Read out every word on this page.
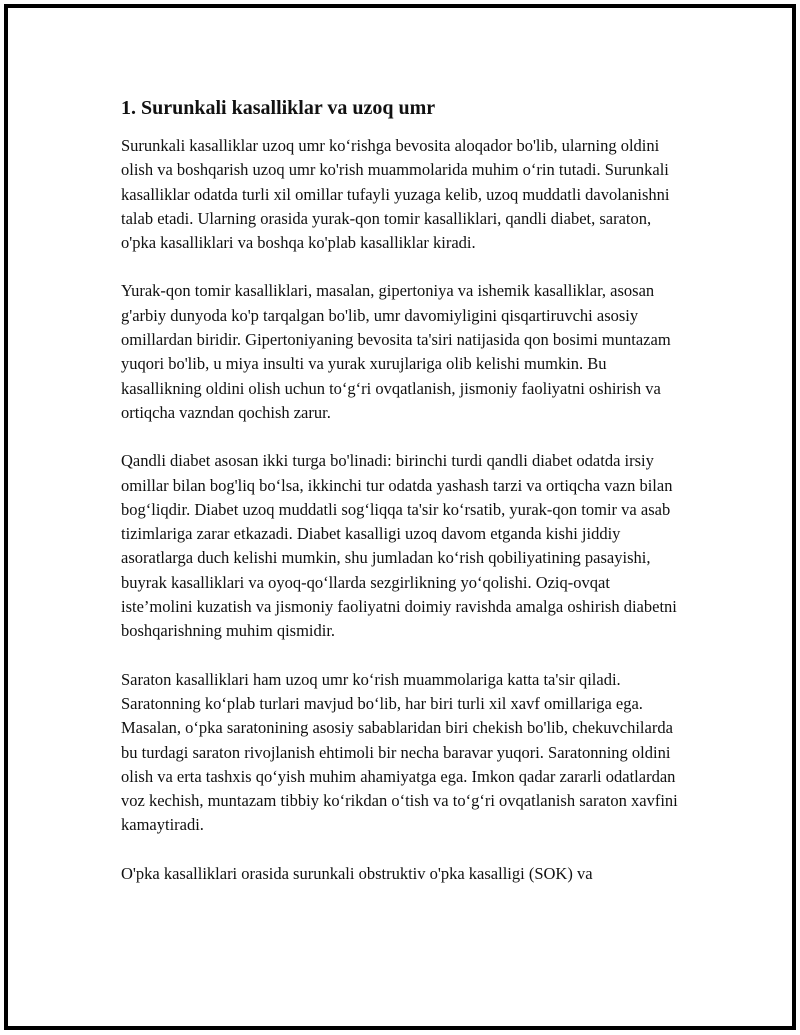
1. Surunkali kasalliklar va uzoq umr

Surunkali kasalliklar uzoq umr ko‘rishga bevosita aloqador bo'lib, ularning oldini olish va boshqarish uzoq umr ko'rish muammolarida muhim o‘rin tutadi. Surunkali kasalliklar odatda turli xil omillar tufayli yuzaga kelib, uzoq muddatli davolanishni talab etadi. Ularning orasida yurak-qon tomir kasalliklari, qandli diabet, saraton, o'pka kasalliklari va boshqa ko'plab kasalliklar kiradi.

Yurak-qon tomir kasalliklari, masalan, gipertoniya va ishemik kasalliklar, asosan g'arbiy dunyoda ko'p tarqalgan bo'lib, umr davomiyligini qisqartiruvchi asosiy omillardan biridir. Gipertoniyaning bevosita ta'siri natijasida qon bosimi muntazam yuqori bo'lib, u miya insulti va yurak xurujlariga olib kelishi mumkin. Bu kasallikning oldini olish uchun to‘g‘ri ovqatlanish, jismoniy faoliyatni oshirish va ortiqcha vazndan qochish zarur.

Qandli diabet asosan ikki turga bo'linadi: birinchi turdi qandli diabet odatda irsiy omillar bilan bog'liq bo‘lsa, ikkinchi tur odatda yashash tarzi va ortiqcha vazn bilan bog‘liqdir. Diabet uzoq muddatli sog‘liqqa ta'sir ko‘rsatib, yurak-qon tomir va asab tizimlariga zarar etkazadi. Diabet kasalligi uzoq davom etganda kishi jiddiy asoratlarga duch kelishi mumkin, shu jumladan ko‘rish qobiliyatining pasayishi, buyrak kasalliklari va oyoq-qo‘llarda sezgirlikning yo‘qolishi. Oziq-ovqat iste’molini kuzatish va jismoniy faoliyatni doimiy ravishda amalga oshirish diabetni boshqarishning muhim qismidir.

Saraton kasalliklari ham uzoq umr ko‘rish muammolariga katta ta'sir qiladi. Saratonning ko‘plab turlari mavjud bo‘lib, har biri turli xil xavf omillariga ega. Masalan, o‘pka saratonining asosiy sabablaridan biri chekish bo'lib, chekuvchilarda bu turdagi saraton rivojlanish ehtimoli bir necha baravar yuqori. Saratonning oldini olish va erta tashxis qo‘yish muhim ahamiyatga ega. Imkon qadar zararli odatlardan voz kechish, muntazam tibbiy ko‘rikdan o‘tish va to‘g‘ri ovqatlanish saraton xavfini kamaytiradi.

O'pka kasalliklari orasida surunkali obstruktiv o'pka kasalligi (SOK) va
